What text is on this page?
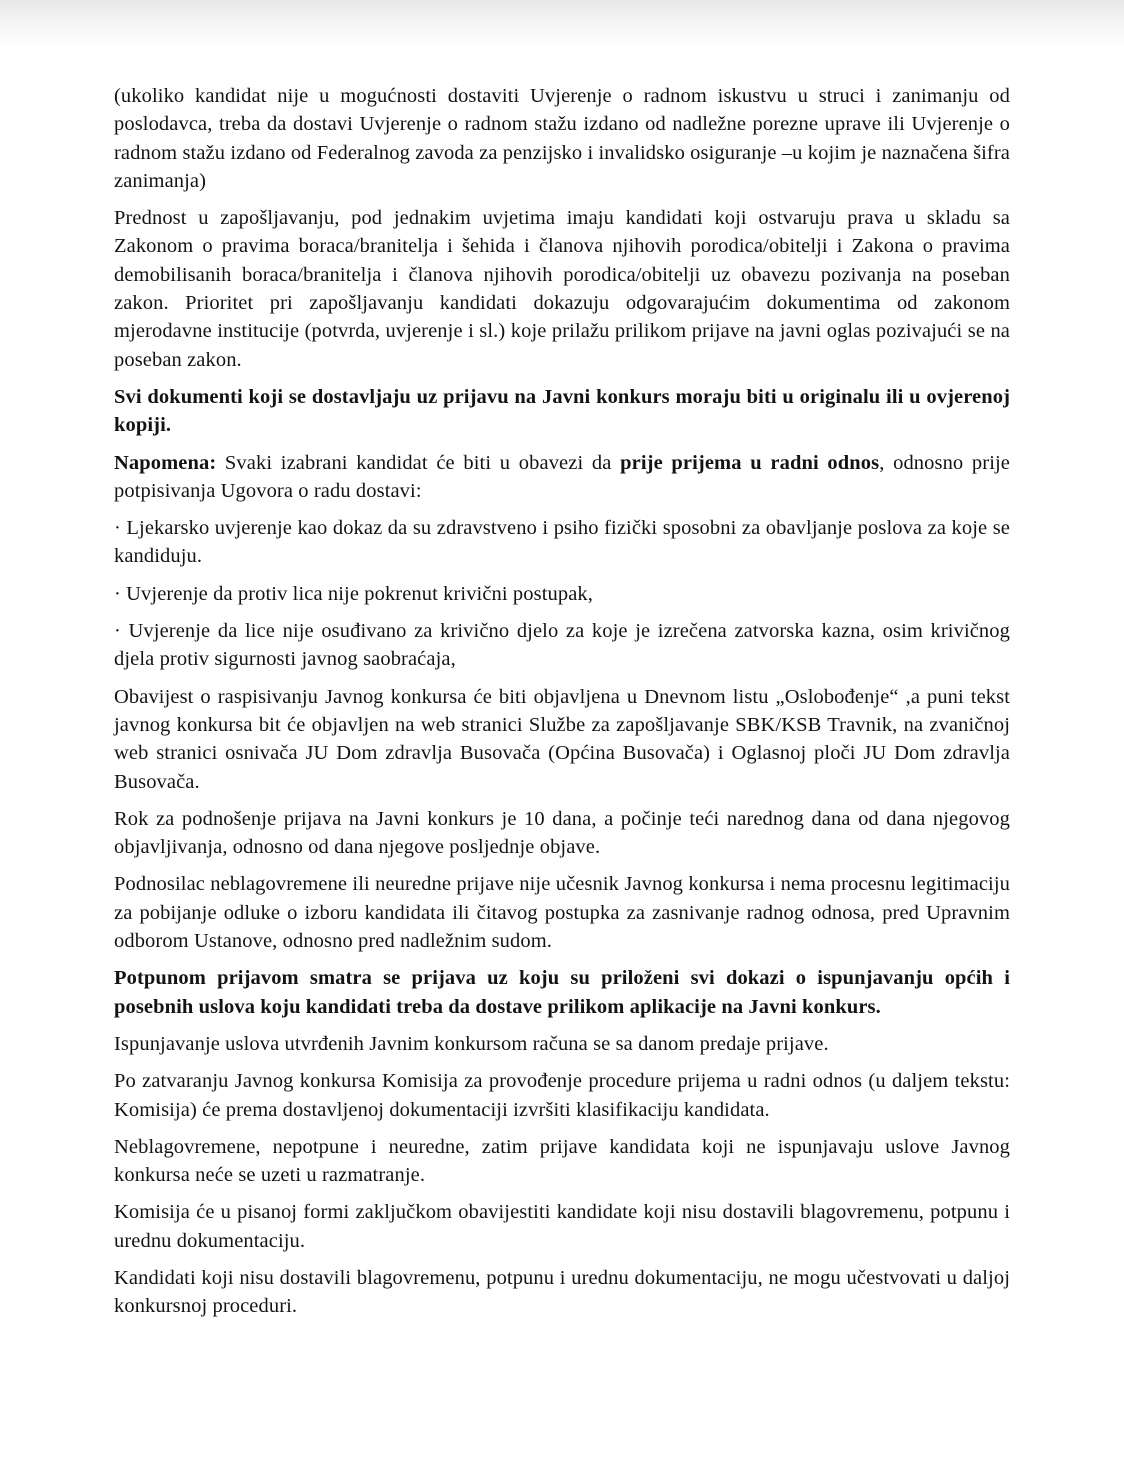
(ukoliko kandidat nije u mogućnosti dostaviti Uvjerenje o radnom iskustvu u struci i zanimanju od poslodavca, treba da dostavi Uvjerenje o radnom stažu izdano od nadležne porezne uprave ili Uvjerenje o radnom stažu izdano od Federalnog zavoda za penzijsko i invalidsko osiguranje –u kojim je naznačena šifra zanimanja)

Prednost u zapošljavanju, pod jednakim uvjetima imaju kandidati koji ostvaruju prava u skladu sa Zakonom o pravima boraca/branitelja i šehida i članova njihovih porodica/obitelji i Zakona o pravima demobilisanih boraca/branitelja i članova njihovih porodica/obitelji uz obavezu pozivanja na poseban zakon. Prioritet pri zapošljavanju kandidati dokazuju odgovarajućim dokumentima od zakonom mjerodavne institucije (potvrda, uvjerenje i sl.) koje prilažu prilikom prijave na javni oglas pozivajući se na poseban zakon.

Svi dokumenti koji se dostavljaju uz prijavu na Javni konkurs moraju biti u originalu ili u ovjerenoj kopiji.

Napomena: Svaki izabrani kandidat će biti u obavezi da prije prijema u radni odnos, odnosno prije potpisivanja Ugovora o radu dostavi:

· Ljekarsko uvjerenje kao dokaz da su zdravstveno i psiho fizički sposobni za obavljanje poslova za koje se kandiduju.

· Uvjerenje da protiv lica nije pokrenut krivični postupak,

· Uvjerenje da lice nije osuđivano za krivično djelo za koje je izrečena zatvorska kazna, osim krivičnog djela protiv sigurnosti javnog saobraćaja,

Obavijest o raspisivanju Javnog konkursa će biti objavljena u Dnevnom listu „Oslobođenje“ ,a puni tekst javnog konkursa bit će objavljen na web stranici Službe za zapošljavanje SBK/KSB Travnik, na zvaničnoj web stranici osnivača JU Dom zdravlja Busovača (Općina Busovača) i Oglasnoj ploči JU Dom zdravlja Busovača.

Rok za podnošenje prijava na Javni konkurs je 10 dana, a počinje teći narednog dana od dana njegovog objavljivanja, odnosno od dana njegove posljednje objave.

Podnosilac neblagovremene ili neuredne prijave nije učesnik Javnog konkursa i nema procesnu legitimaciju za pobijanje odluke o izboru kandidata ili čitavog postupka za zasnivanje radnog odnosa, pred Upravnim odborom Ustanove, odnosno pred nadležnim sudom.

Potpunom prijavom smatra se prijava uz koju su priloženi svi dokazi o ispunjavanju općih i posebnih uslova koju kandidati treba da dostave prilikom aplikacije na Javni konkurs.

Ispunjavanje uslova utvrđenih Javnim konkursom računa se sa danom predaje prijave.

Po zatvaranju Javnog konkursa Komisija za provođenje procedure prijema u radni odnos (u daljem tekstu: Komisija) će prema dostavljenoj dokumentaciji izvršiti klasifikaciju kandidata.

Neblagovremene, nepotpune i neuredne, zatim prijave kandidata koji ne ispunjavaju uslove Javnog konkursa neće se uzeti u razmatranje.

Komisija će u pisanoj formi zaključkom obavijestiti kandidate koji nisu dostavili blagovremenu, potpunu i urednu dokumentaciju.

Kandidati koji nisu dostavili blagovremenu, potpunu i urednu dokumentaciju, ne mogu učestvovati u daljoj konkursnoj proceduri.
